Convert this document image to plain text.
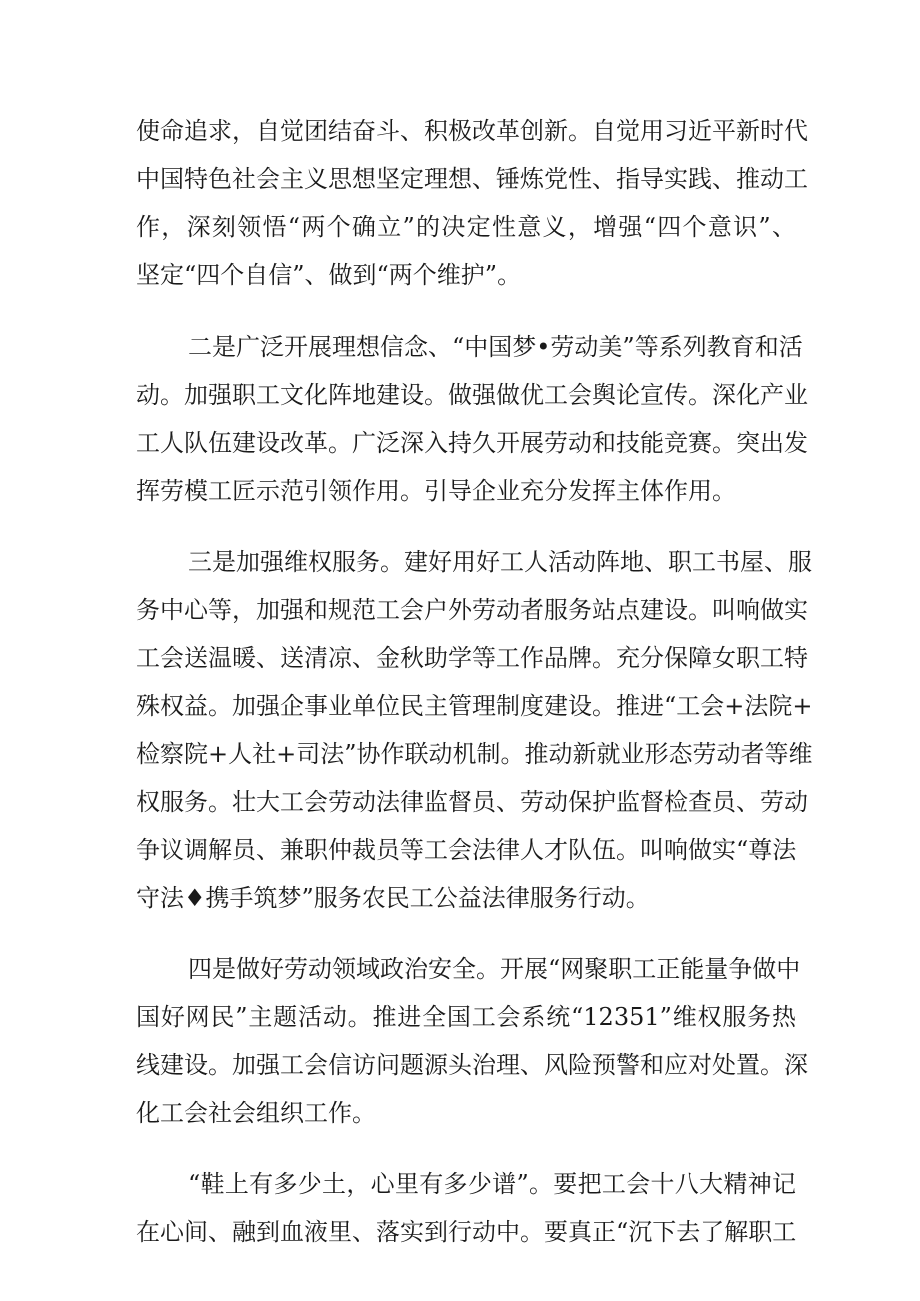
使命追求，自觉团结奋斗、积极改革创新。自觉用习近平新时代
中国特色社会主义思想坚定理想、锤炼党性、指导实践、推动工
作，深刻领悟“两个确立”的决定性意义，增强“四个意识”、
坚定“四个自信”、做到“两个维护”。
二是广泛开展理想信念、“中国梦•劳动美”等系列教育和活
动。加强职工文化阵地建设。做强做优工会舆论宣传。深化产业
工人队伍建设改革。广泛深入持久开展劳动和技能竞赛。突出发
挥劳模工匠示范引领作用。引导企业充分发挥主体作用。
三是加强维权服务。建好用好工人活动阵地、职工书屋、服
务中心等，加强和规范工会户外劳动者服务站点建设。叫响做实
工会送温暖、送清凉、金秋助学等工作品牌。充分保障女职工特
殊权益。加强企事业单位民主管理制度建设。推进“工会+法院+
检察院+人社+司法”协作联动机制。推动新就业形态劳动者等维
权服务。壮大工会劳动法律监督员、劳动保护监督检查员、劳动
争议调解员、兼职仲裁员等工会法律人才队伍。叫响做实“尊法
守法♦携手筑梦”服务农民工公益法律服务行动。
四是做好劳动领域政治安全。开展“网聚职工正能量争做中
国好网民”主题活动。推进全国工会系统“12351”维权服务热
线建设。加强工会信访问题源头治理、风险预警和应对处置。深
化工会社会组织工作。
“鞋上有多少土，心里有多少谱”。要把工会十八大精神记
在心间、融到血液里、落实到行动中。要真正“沉下去了解职工
